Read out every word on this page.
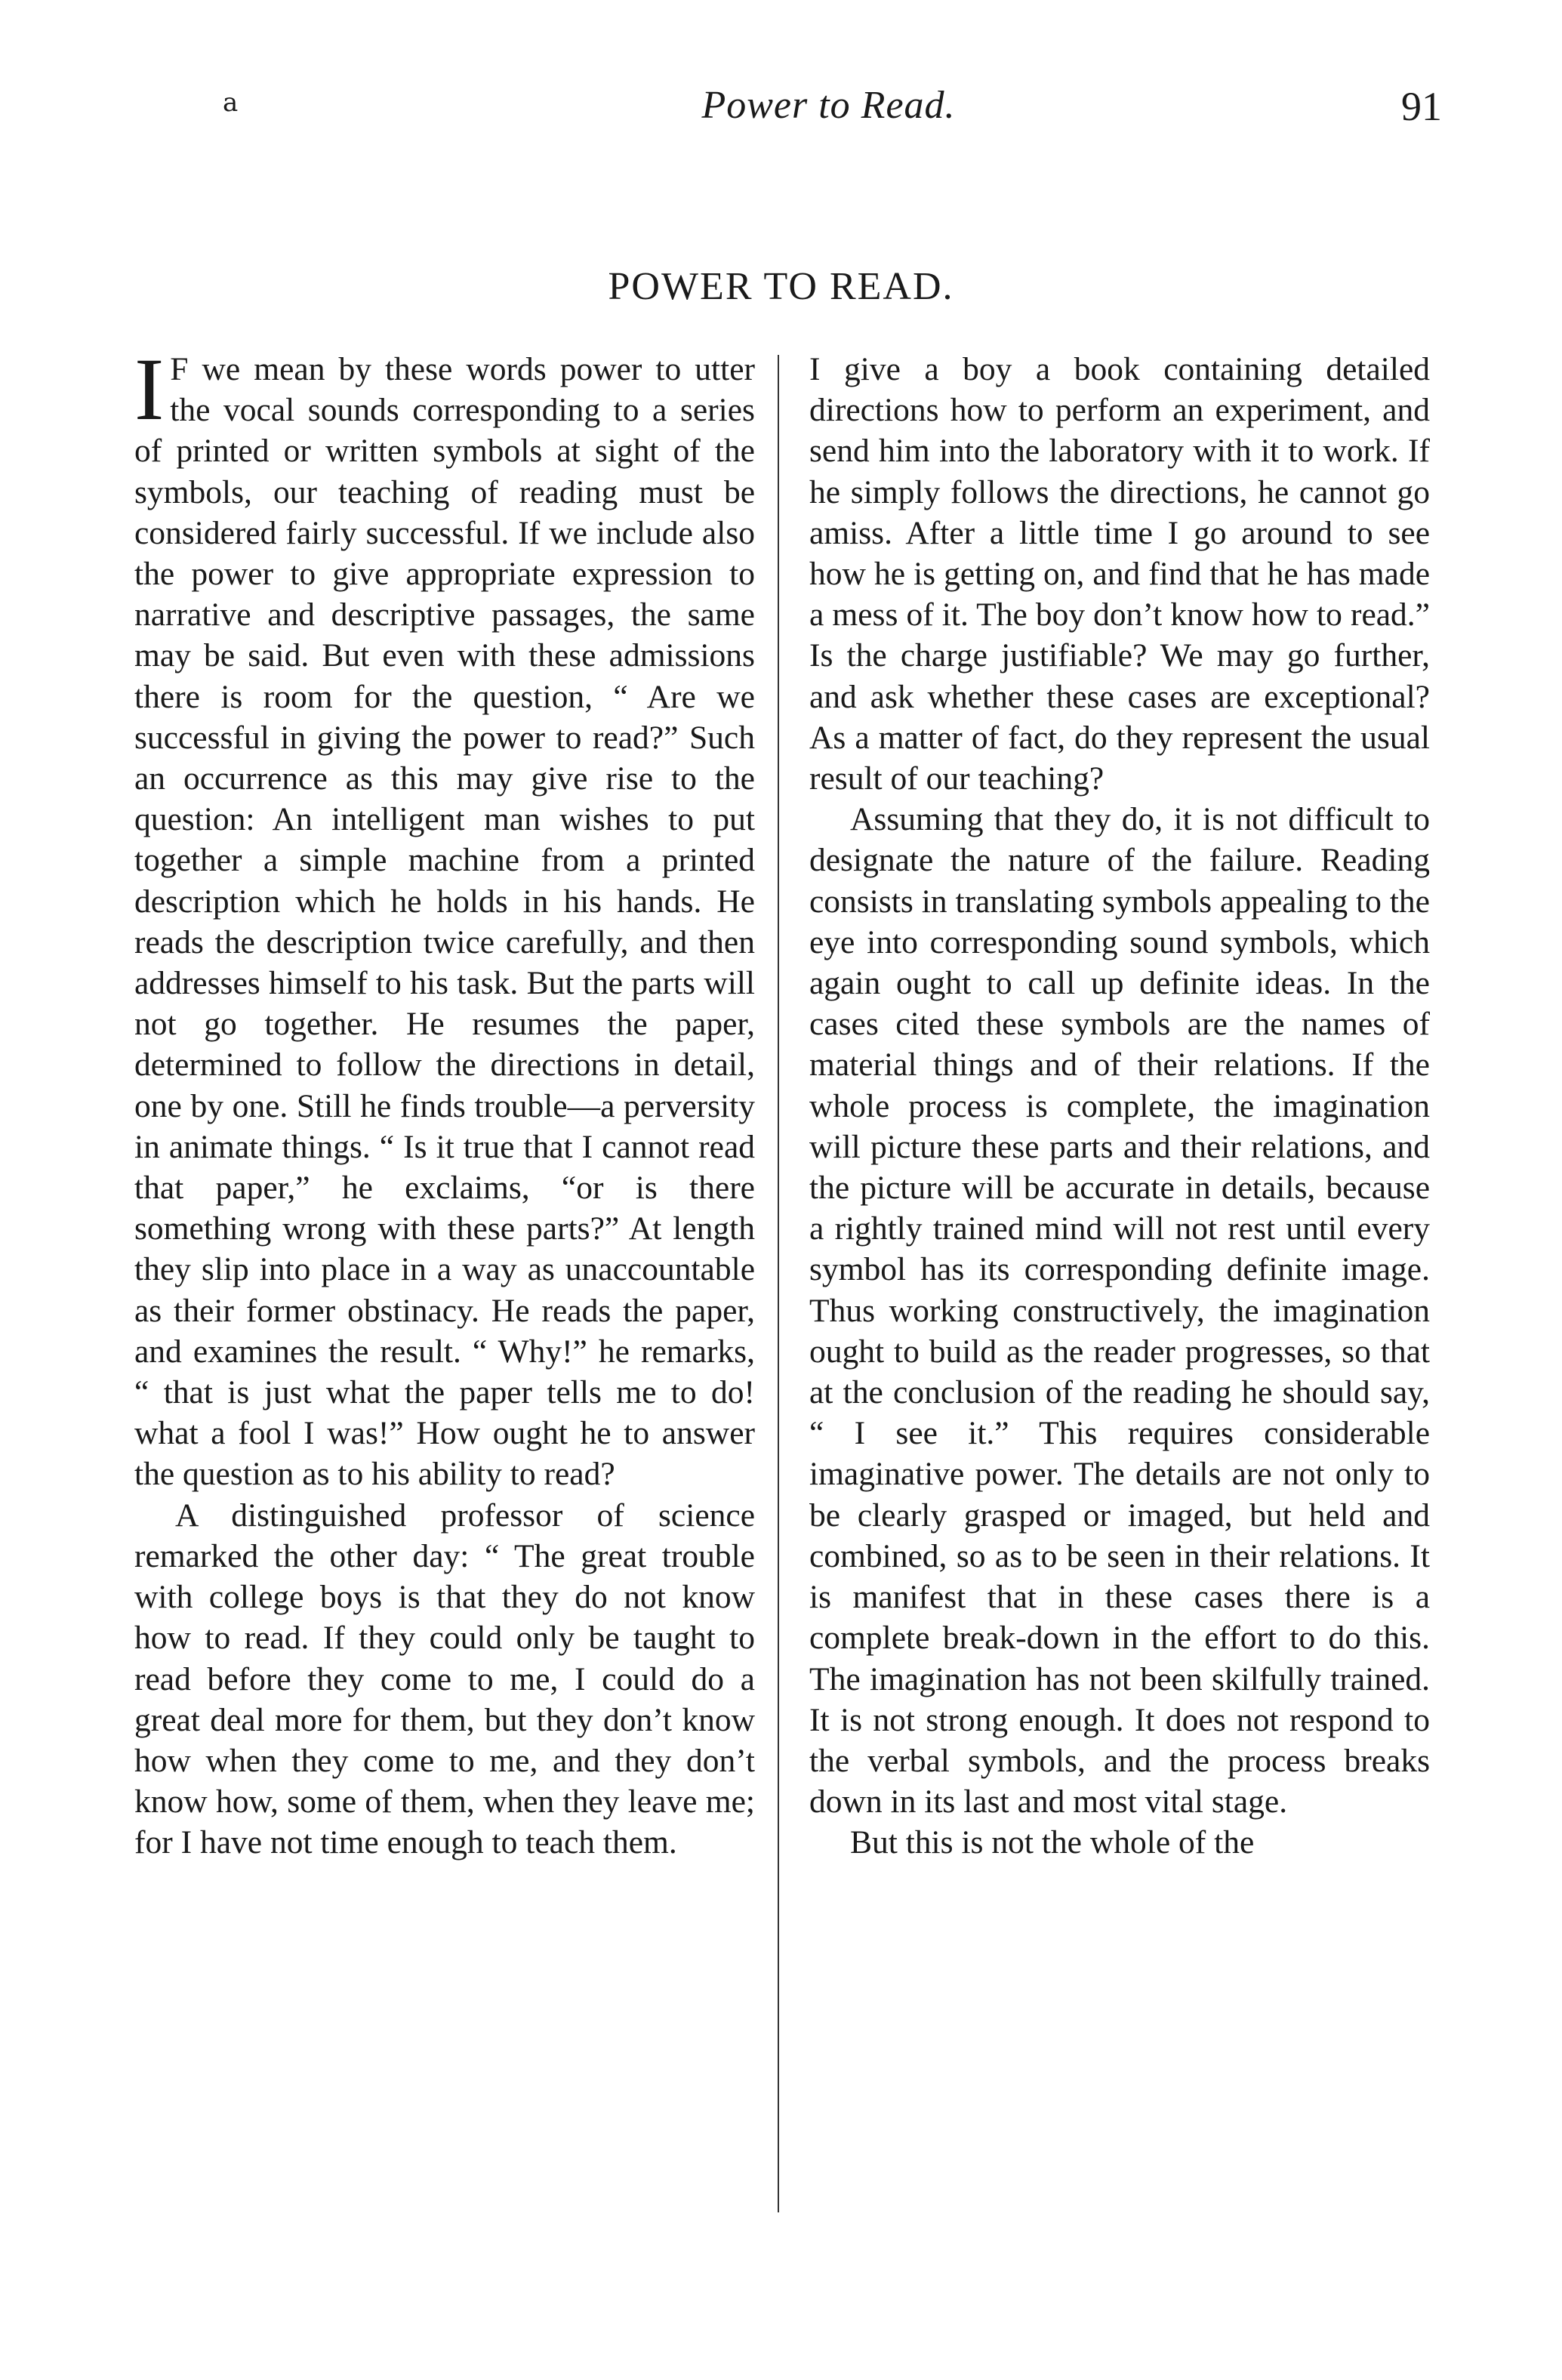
a	Power to Read.	91
POWER TO READ.

I F we mean by these words power to utter the vocal sounds corresponding to a series of printed or written symbols at sight of the symbols, our teaching of reading must be considered fairly successful. If we include also the power to give appropriate expression to narrative and descriptive passages, the same may be said. But even with these admissions there is room for the question, “ Are we successful in giving the power to read?” Such an occurrence as this may give rise to the question: An intelligent man wishes to put together a simple machine from a printed description which he holds in his hands. He reads the description twice carefully, and then addresses himself to his task. But the parts will not go together. He resumes the paper, determined to follow the directions in detail, one by one. Still he finds trouble—a perversity in animate things. “ Is it true that I cannot read that paper,” he exclaims, “or is there something wrong with these parts?” At length they slip into place in a way as unaccountable as their former obstinacy. He reads the paper, and examines the result. “ Why!” he remarks, “ that is just what the paper tells me to do! what a fool I was!” How ought he to answer the question as to his ability to read?

A distinguished professor of science remarked the other day: “ The great trouble with college boys is that they do not know how to read. If they could only be taught to read before they come to me, I could do a great deal more for them, but they don’t know how when they come to me, and they don’t know how, some of them, when they leave me; for I have not time enough to teach them.

I give a boy a book containing detailed directions how to perform an experiment, and send him into the laboratory with it to work. If he simply follows the directions, he cannot go amiss. After a little time I go around to see how he is getting on, and find that he has made a mess of it. The boy don’t know how to read.” Is the charge justifiable? We may go further, and ask whether these cases are exceptional? As a matter of fact, do they represent the usual result of our teaching?

Assuming that they do, it is not difficult to designate the nature of the failure. Reading consists in translating symbols appealing to the eye into corresponding sound symbols, which again ought to call up definite ideas. In the cases cited these symbols are the names of material things and of their relations. If the whole process is complete, the imagination will picture these parts and their relations, and the picture will be accurate in details, because a rightly trained mind will not rest until every symbol has its corresponding definite image. Thus working constructively, the imagination ought to build as the reader progresses, so that at the conclusion of the reading he should say, “ I see it.” This requires considerable imaginative power. The details are not only to be clearly grasped or imaged, but held and combined, so as to be seen in their relations. It is manifest that in these cases there is a complete break-down in the effort to do this. The imagination has not been skilfully trained. It is not strong enough. It does not respond to the verbal symbols, and the process breaks down in its last and most vital stage.

But this is not the whole of the
